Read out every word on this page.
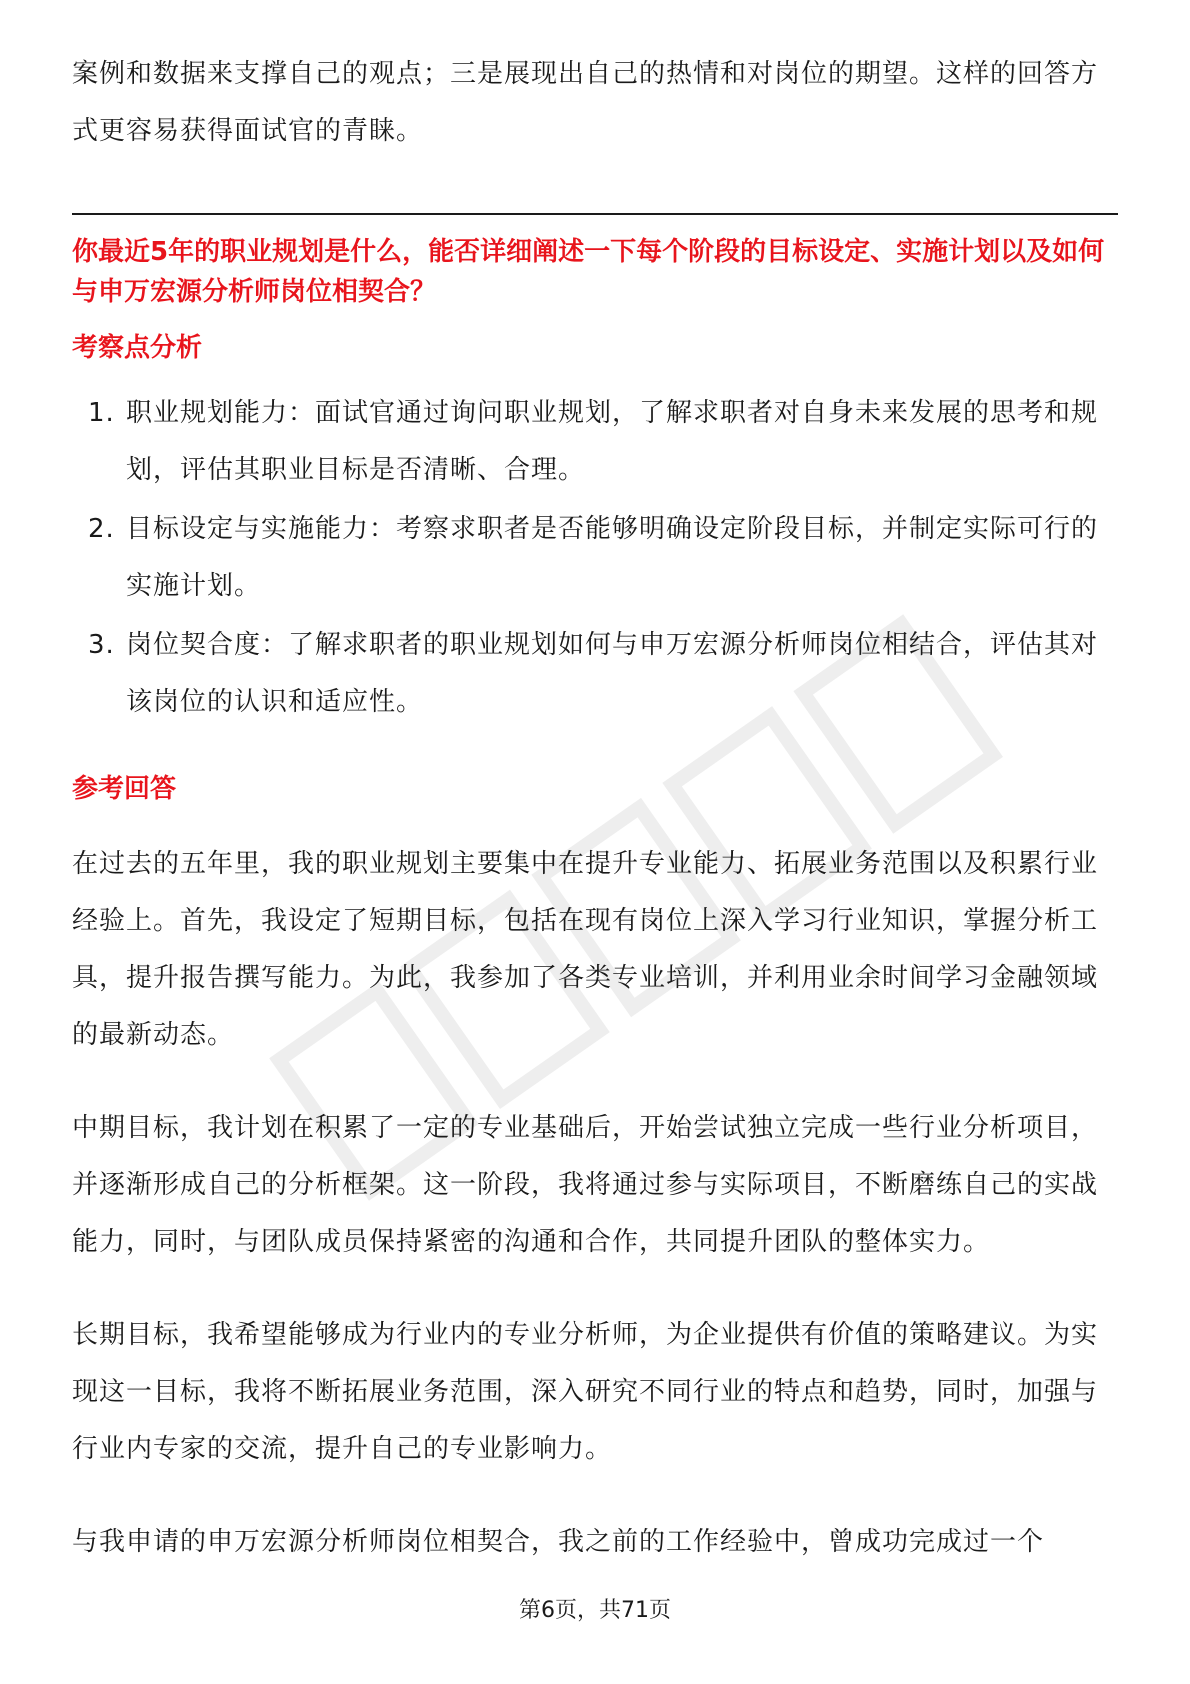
案例和数据来支撑自己的观点；三是展现出自己的热情和对岗位的期望。这样的回答方式更容易获得面试官的青睐。

你最近5年的职业规划是什么，能否详细阐述一下每个阶段的目标设定、实施计划以及如何与申万宏源分析师岗位相契合？

考察点分析

1. 职业规划能力：面试官通过询问职业规划，了解求职者对自身未来发展的思考和规划，评估其职业目标是否清晰、合理。
2. 目标设定与实施能力：考察求职者是否能够明确设定阶段目标，并制定实际可行的实施计划。
3. 岗位契合度：了解求职者的职业规划如何与申万宏源分析师岗位相结合，评估其对该岗位的认识和适应性。

参考回答

在过去的五年里，我的职业规划主要集中在提升专业能力、拓展业务范围以及积累行业经验上。首先，我设定了短期目标，包括在现有岗位上深入学习行业知识，掌握分析工具，提升报告撰写能力。为此，我参加了各类专业培训，并利用业余时间学习金融领域的最新动态。

中期目标，我计划在积累了一定的专业基础后，开始尝试独立完成一些行业分析项目，并逐渐形成自己的分析框架。这一阶段，我将通过参与实际项目，不断磨练自己的实战能力，同时，与团队成员保持紧密的沟通和合作，共同提升团队的整体实力。

长期目标，我希望能够成为行业内的专业分析师，为企业提供有价值的策略建议。为实现这一目标，我将不断拓展业务范围，深入研究不同行业的特点和趋势，同时，加强与行业内专家的交流，提升自己的专业影响力。

与我申请的申万宏源分析师岗位相契合，我之前的工作经验中，曾成功完成过一个

第6页，共71页
